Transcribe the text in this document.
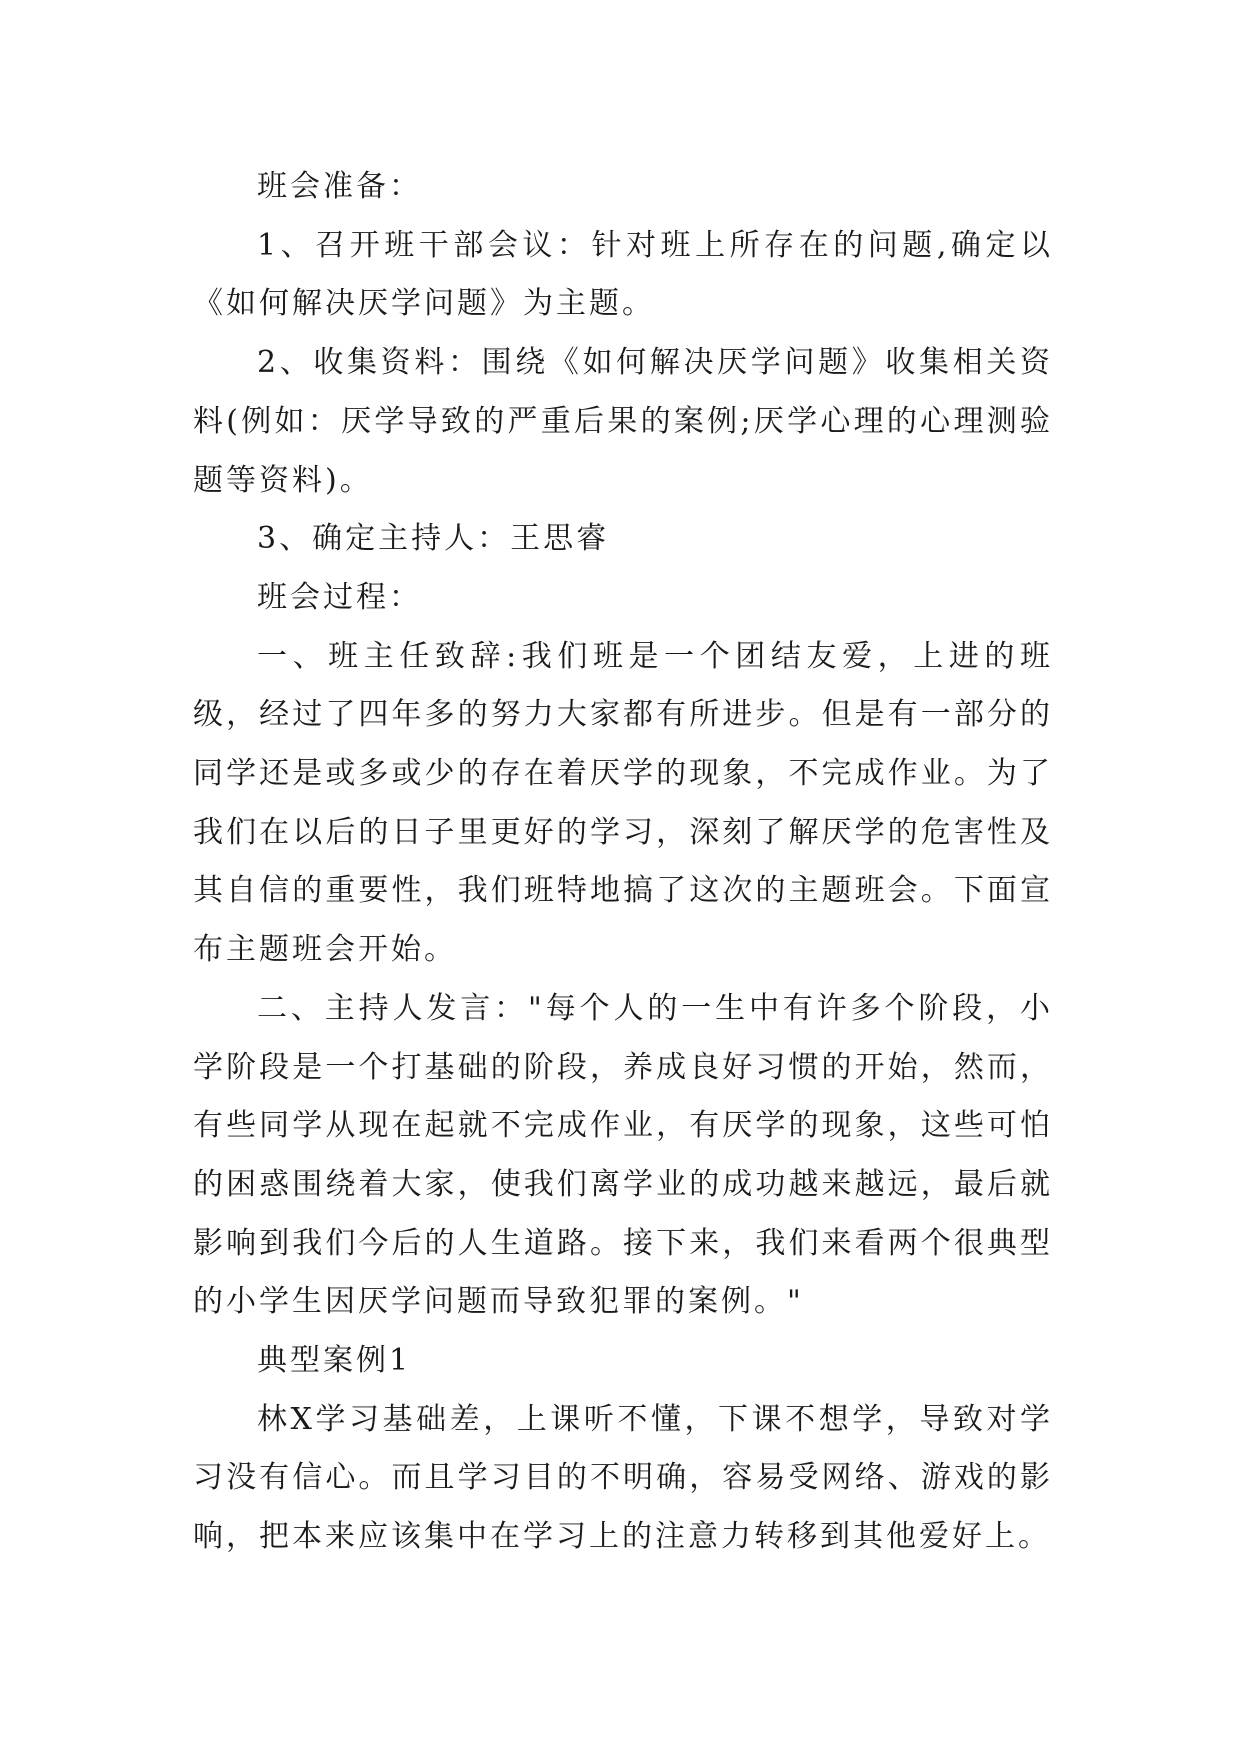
班会准备：

1、召开班干部会议：针对班上所存在的问题,确定以《如何解决厌学问题》为主题。

2、收集资料：围绕《如何解决厌学问题》收集相关资料(例如：厌学导致的严重后果的案例;厌学心理的心理测验题等资料)。

3、确定主持人：王思睿

班会过程：

一、班主任致辞:我们班是一个团结友爱，上进的班级，经过了四年多的努力大家都有所进步。但是有一部分的同学还是或多或少的存在着厌学的现象，不完成作业。为了我们在以后的日子里更好的学习，深刻了解厌学的危害性及其自信的重要性，我们班特地搞了这次的主题班会。下面宣布主题班会开始。

二、主持人发言："每个人的一生中有许多个阶段，小学阶段是一个打基础的阶段，养成良好习惯的开始，然而，有些同学从现在起就不完成作业，有厌学的现象，这些可怕的困惑围绕着大家，使我们离学业的成功越来越远，最后就影响到我们今后的人生道路。接下来，我们来看两个很典型的小学生因厌学问题而导致犯罪的案例。"

典型案例1

林X学习基础差，上课听不懂，下课不想学，导致对学习没有信心。而且学习目的不明确，容易受网络、游戏的影响，把本来应该集中在学习上的注意力转移到其他爱好上。
